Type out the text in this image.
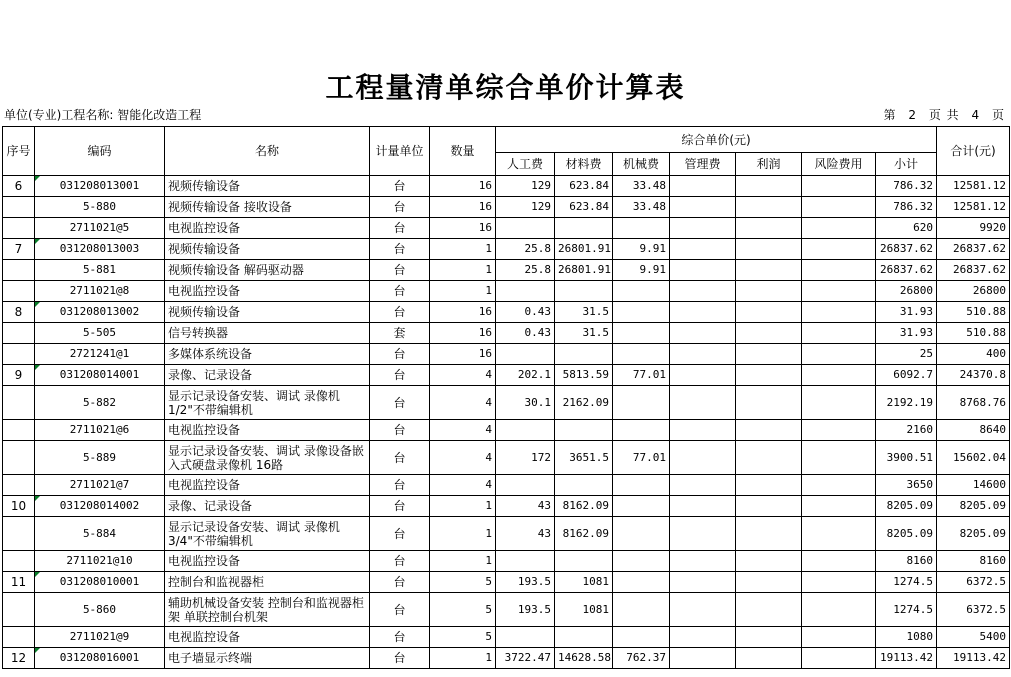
工程量清单综合单价计算表
单位(专业)工程名称: 智能化改造工程	第 2 页 共 4 页
序号	编码	名称	计量单位	数量	综合单价(元)							合计(元)
					人工费	材料费	机械费	管理费	利润	风险费用	小计	
6	031208013001	视频传输设备	台	16	129	623.84	33.48				786.32	12581.12
	5-880	视频传输设备 接收设备	台	16	129	623.84	33.48				786.32	12581.12
	2711021@5	电视监控设备	台	16							620	9920
7	031208013003	视频传输设备	台	1	25.8	26801.91	9.91				26837.62	26837.62
	5-881	视频传输设备 解码驱动器	台	1	25.8	26801.91	9.91				26837.62	26837.62
	2711021@8	电视监控设备	台	1							26800	26800
8	031208013002	视频传输设备	台	16	0.43	31.5					31.93	510.88
	5-505	信号转换器	套	16	0.43	31.5					31.93	510.88
	2721241@1	多媒体系统设备	台	16							25	400
9	031208014001	录像、记录设备	台	4	202.1	5813.59	77.01				6092.7	24370.8
	5-882	显示记录设备安装、调试 录像机1/2"不带编辑机	台	4	30.1	2162.09					2192.19	8768.76
	2711021@6	电视监控设备	台	4							2160	8640
	5-889	显示记录设备安装、调试 录像设备嵌入式硬盘录像机 16路	台	4	172	3651.5	77.01				3900.51	15602.04
	2711021@7	电视监控设备	台	4							3650	14600
10	031208014002	录像、记录设备	台	1	43	8162.09					8205.09	8205.09
	5-884	显示记录设备安装、调试 录像机3/4"不带编辑机	台	1	43	8162.09					8205.09	8205.09
	2711021@10	电视监控设备	台	1							8160	8160
11	031208010001	控制台和监视器柜	台	5	193.5	1081					1274.5	6372.5
	5-860	辅助机械设备安装 控制台和监视器柜架 单联控制台机架	台	5	193.5	1081					1274.5	6372.5
	2711021@9	电视监控设备	台	5							1080	5400
12	031208016001	电子墙显示终端	台	1	3722.47	14628.58	762.37				19113.42	19113.42
